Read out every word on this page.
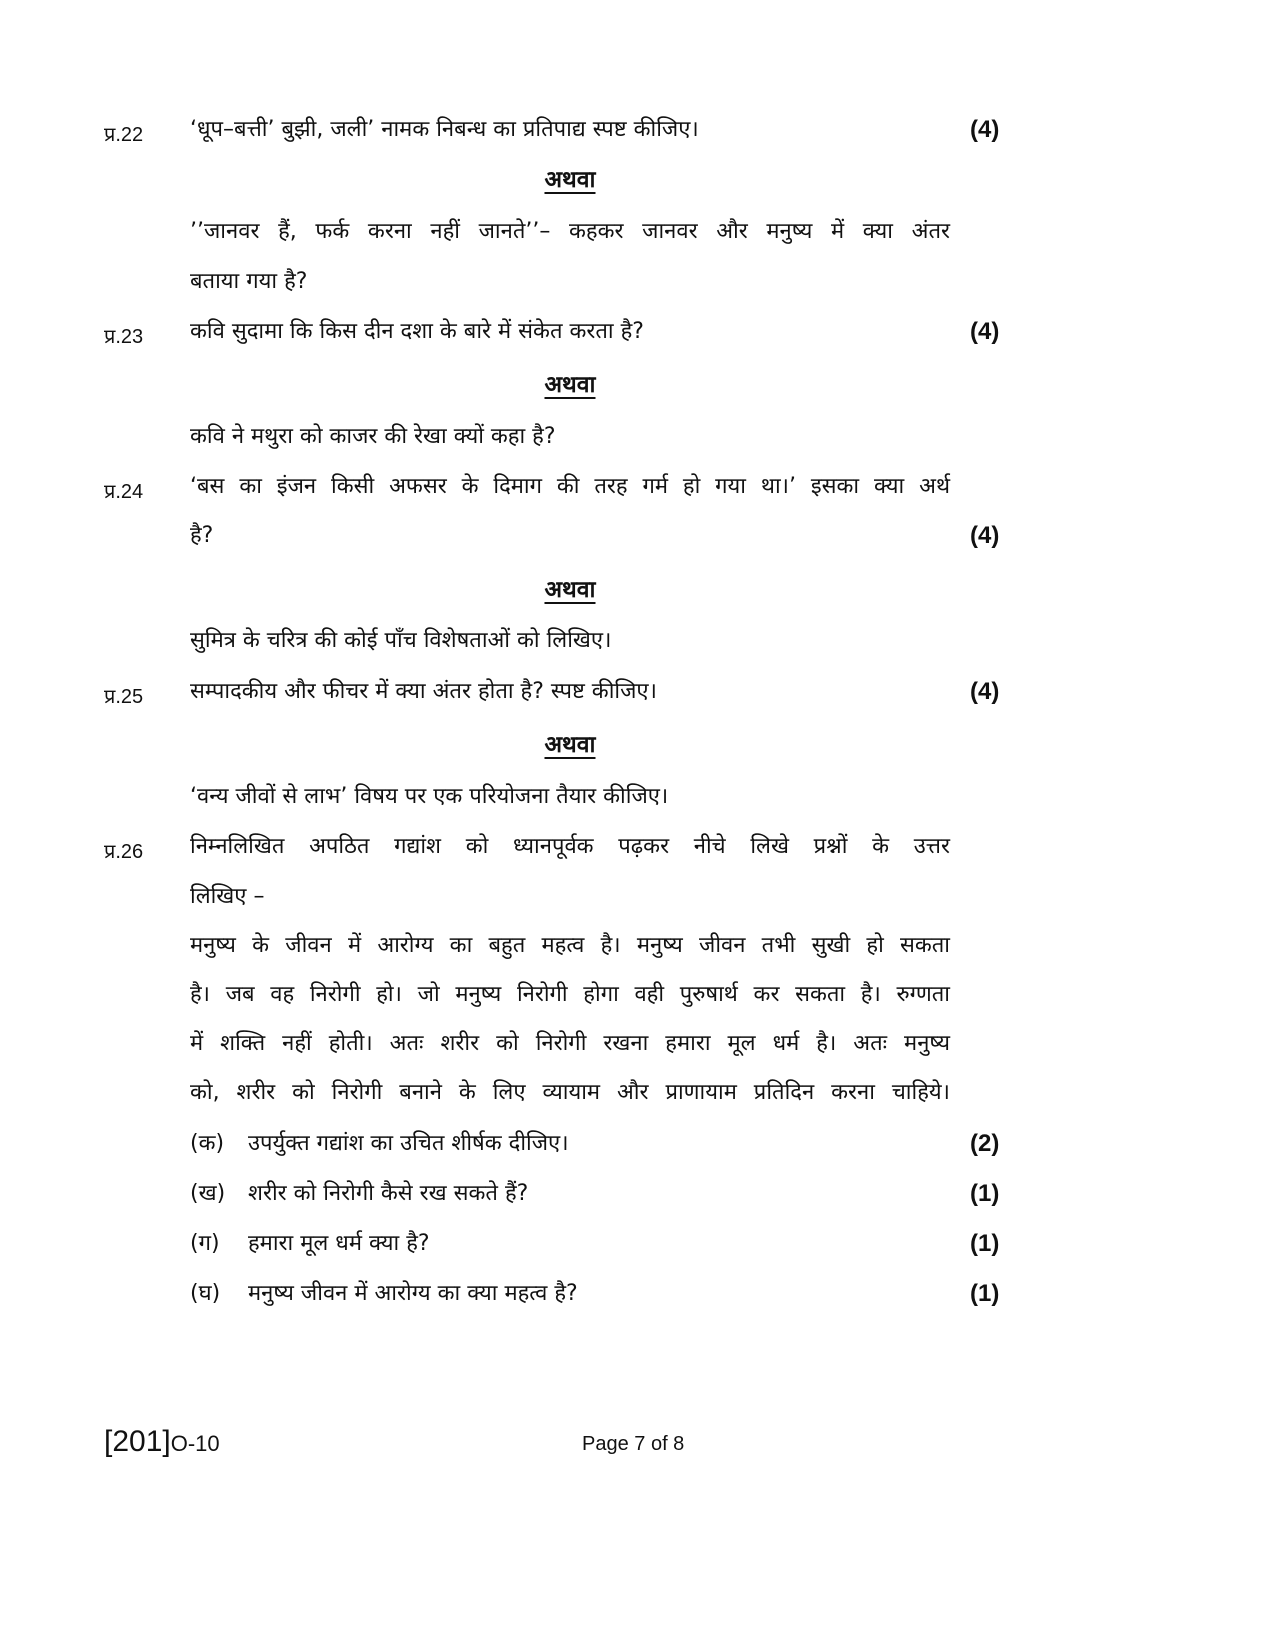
प्र.22 ‘धूप–बत्ती’ बुझी, जली’ नामक निबन्ध का प्रतिपाद्य स्पष्ट कीजिए।	(4)
अथवा
’’जानवर हैं, फर्क करना नहीं जानते’’– कहकर जानवर और मनुष्य में क्या अंतर
बताया गया है?
प्र.23 कवि सुदामा कि किस दीन दशा के बारे में संकेत करता है?	(4)
अथवा
कवि ने मथुरा को काजर की रेखा क्यों कहा है?
प्र.24 ‘बस का इंजन किसी अफसर के दिमाग की तरह गर्म हो गया था।’ इसका क्या अर्थ
है?	(4)
अथवा
सुमित्र के चरित्र की कोई पाँच विशेषताओं को लिखिए।
प्र.25 सम्पादकीय और फीचर में क्या अंतर होता है? स्पष्ट कीजिए।	(4)
अथवा
‘वन्य जीवों से लाभ’ विषय पर एक परियोजना तैयार कीजिए।
प्र.26 निम्नलिखित अपठित गद्यांश को ध्यानपूर्वक पढ़कर नीचे लिखे प्रश्नों के उत्तर
लिखिए –
मनुष्य के जीवन में आरोग्य का बहुत महत्व है। मनुष्य जीवन तभी सुखी हो सकता
है। जब वह निरोगी हो। जो मनुष्य निरोगी होगा वही पुरुषार्थ कर सकता है। रुग्णता
में शक्ति नहीं होती। अतः शरीर को निरोगी रखना हमारा मूल धर्म है। अतः मनुष्य
को, शरीर को निरोगी बनाने के लिए व्यायाम और प्राणायाम प्रतिदिन करना चाहिये।
(क) उपर्युक्त गद्यांश का उचित शीर्षक दीजिए।	(2)
(ख) शरीर को निरोगी कैसे रख सकते हैं?	(1)
(ग) हमारा मूल धर्म क्या है?	(1)
(घ) मनुष्य जीवन में आरोग्य का क्या महत्व है?	(1)
[201]O-10	Page 7 of 8
